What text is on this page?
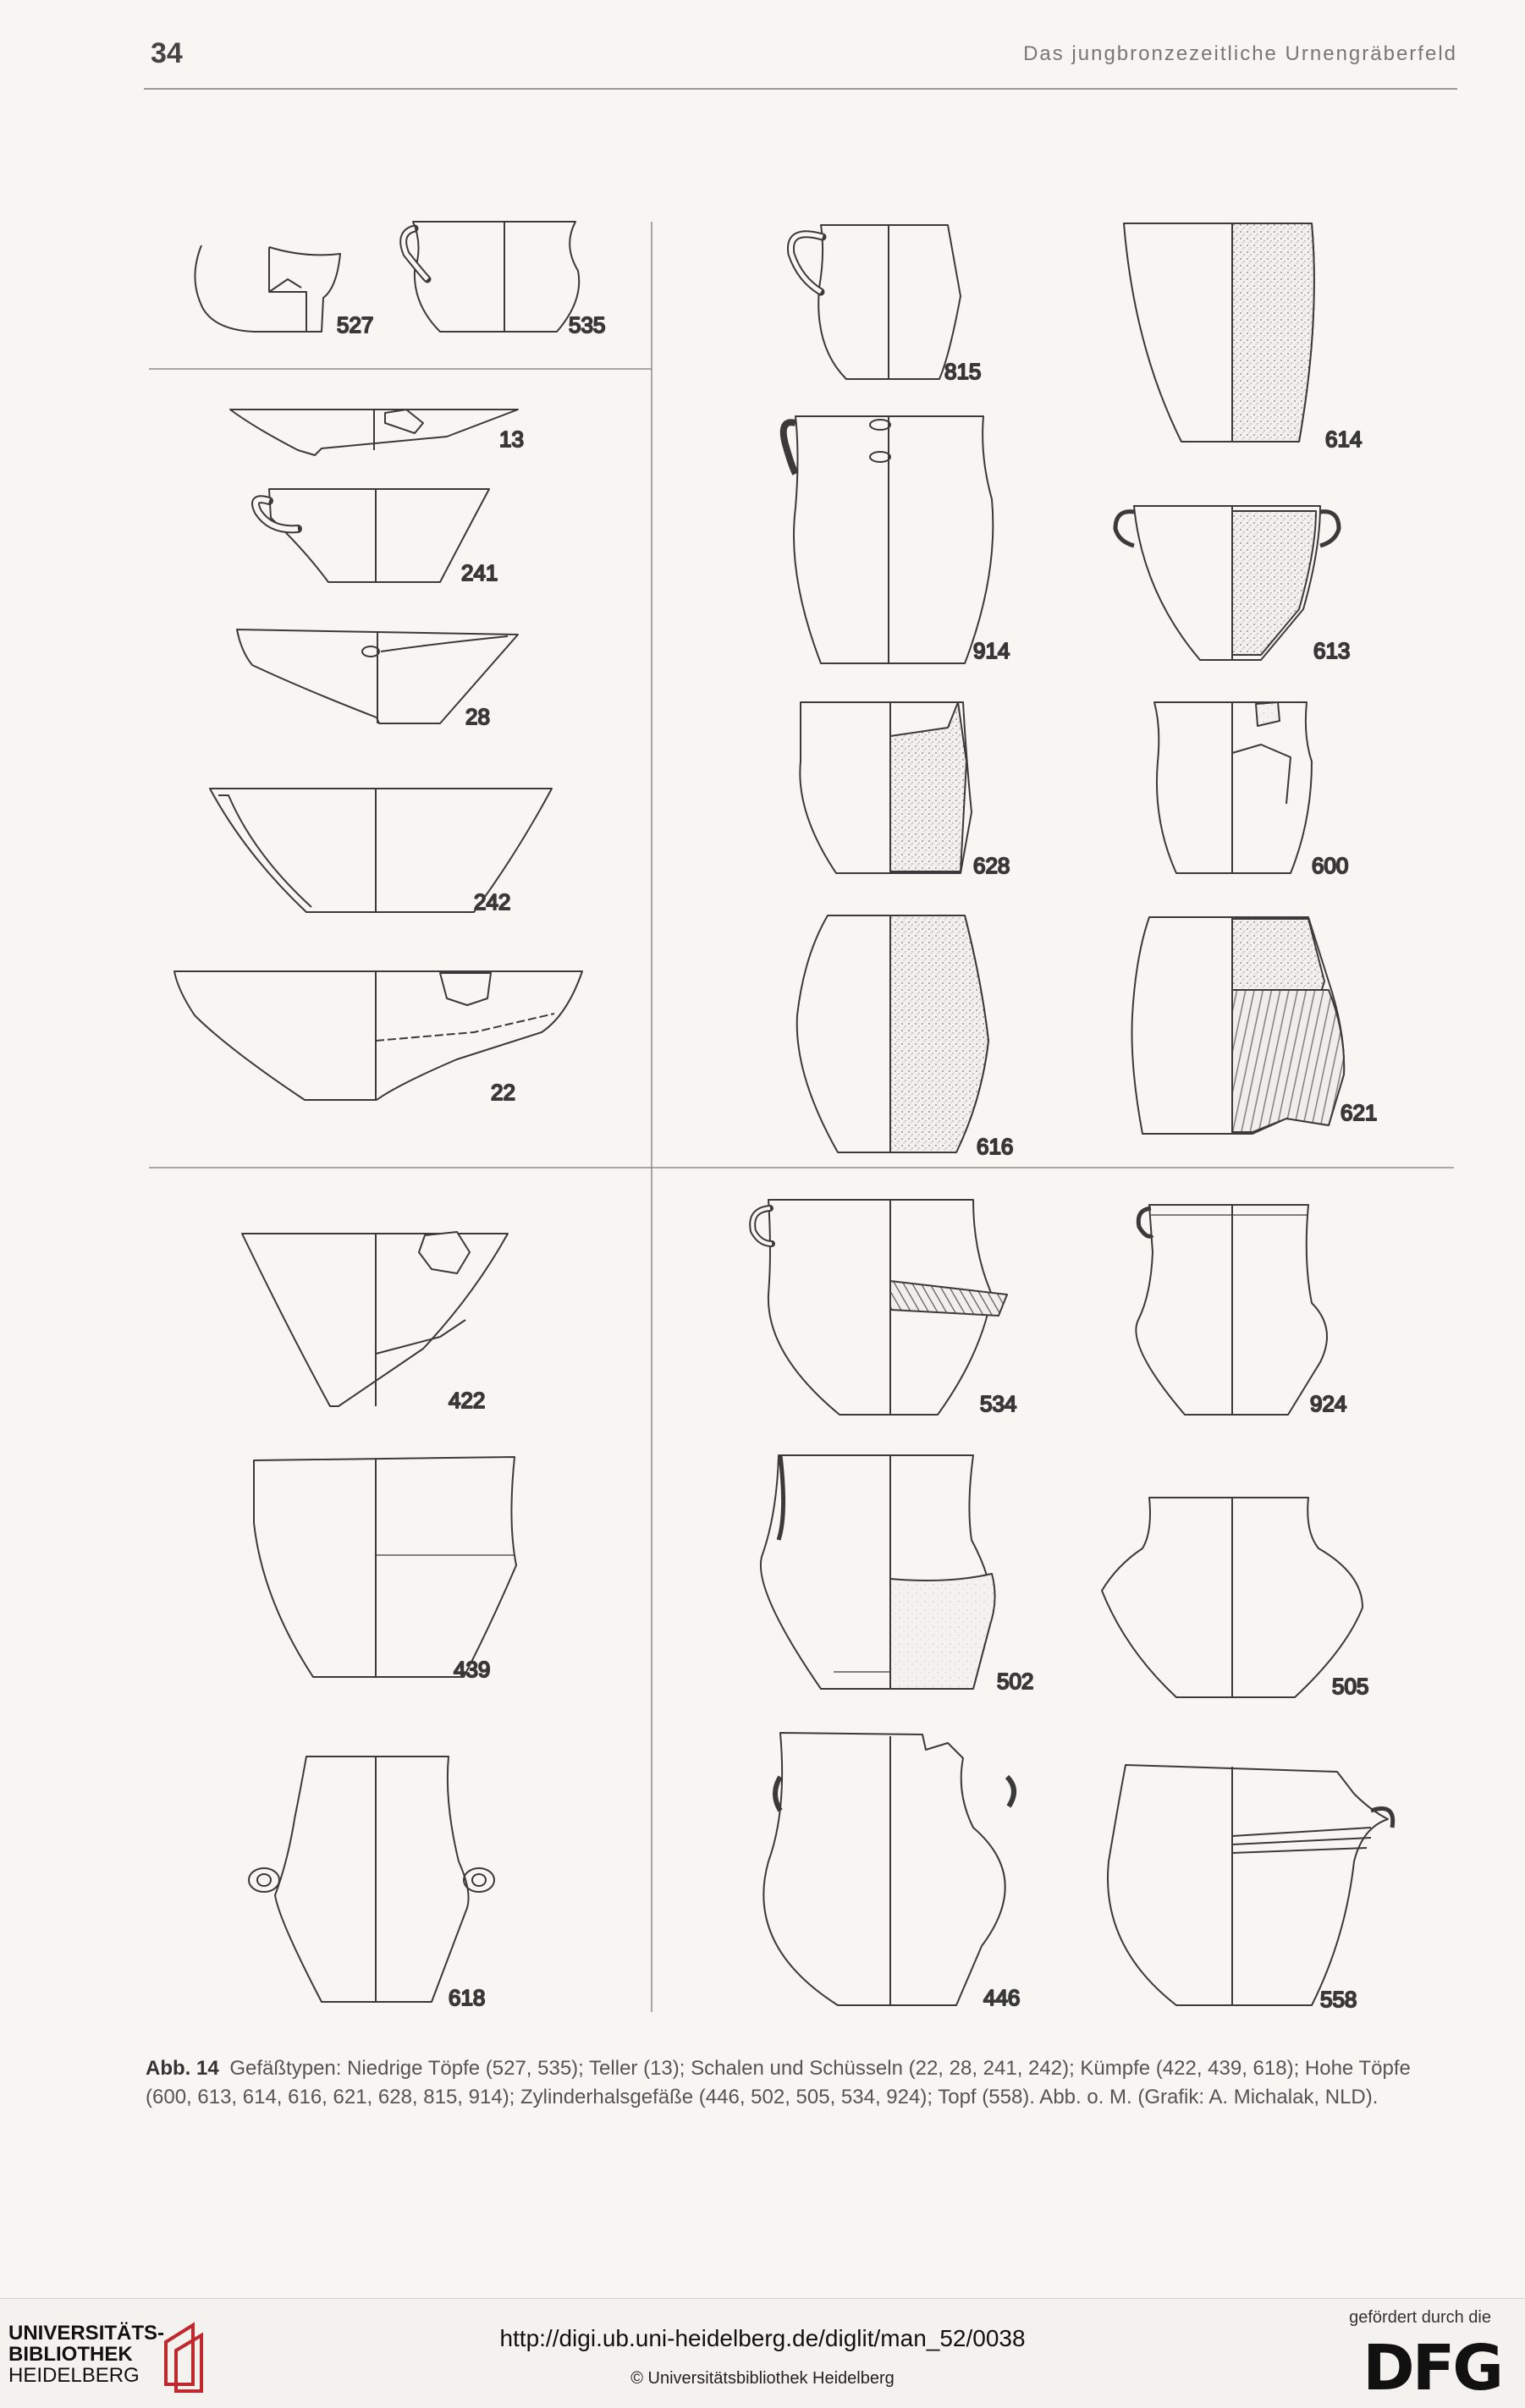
34	Das jungbronzezeitliche Urnengräberfeld
527	535
13
241
28
242
22
815
614
914	613
628	600
616
621
422
439
618
534	924
502	505
446	558
Abb. 14 Gefäßtypen: Niedrige Töpfe (527, 535); Teller (13); Schalen und Schüsseln (22, 28, 241, 242); Kümpfe (422, 439, 618); Hohe Töpfe (600, 613, 614, 616, 621, 628, 815, 914); Zylinderhalsgefäße (446, 502, 505, 534, 924); Topf (558). Abb. o. M. (Grafik: A. Michalak, NLD).
UNIVERSITÄTS-
BIBLIOTHEK
HEIDELBERG
http://digi.ub.uni-heidelberg.de/diglit/man_52/0038
© Universitätsbibliothek Heidelberg
gefördert durch die
DFG
